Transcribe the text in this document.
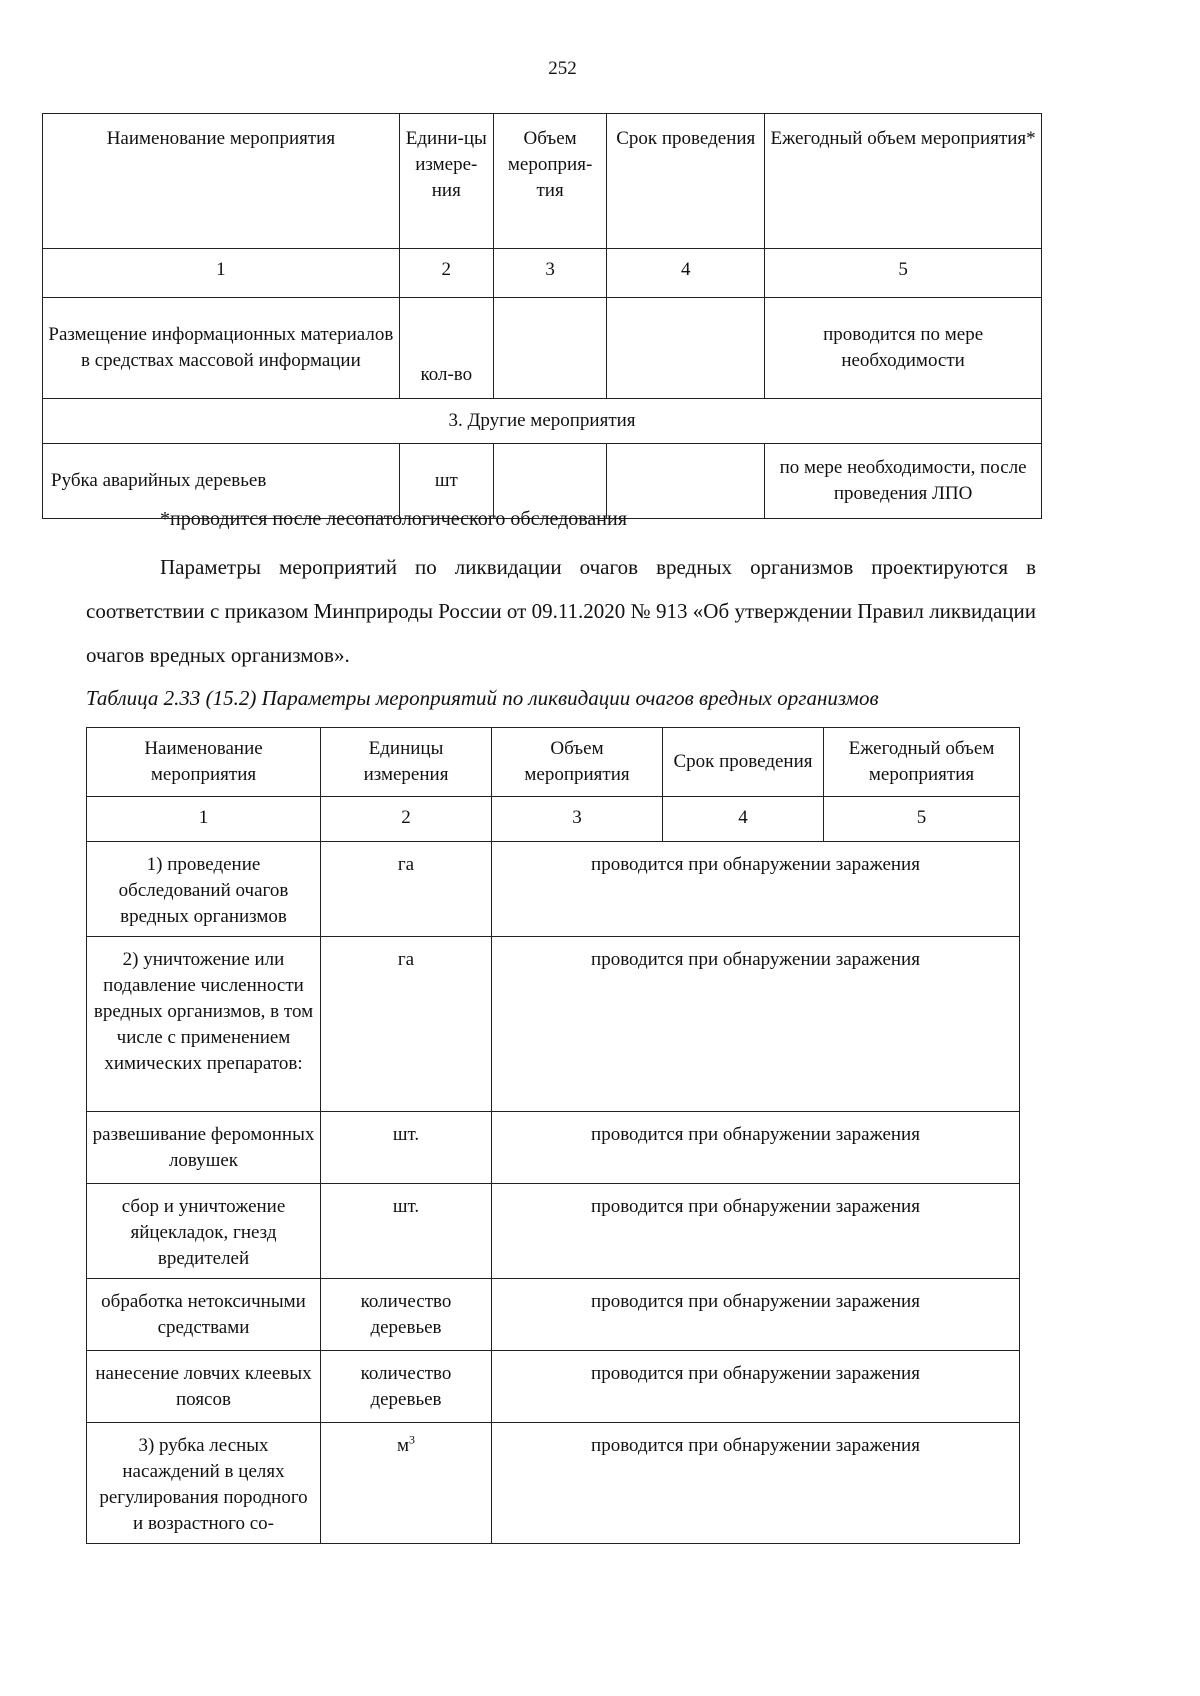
252
Наименование мероприятия	Едини-цы измере-ния	Объем мероприя-тия	Срок проведения	Ежегодный объем мероприятия*
1	2	3	4	5
Размещение информационных материалов в средствах массовой информации	кол-во			проводится по мере необходимости
3. Другие мероприятия				
Рубка аварийных деревьев	шт			по мере необходимости, после проведения ЛПО
*проводится после лесопатологического обследования

Параметры мероприятий по ликвидации очагов вредных организмов проектируются в соответствии с приказом Минприроды России от 09.11.2020 № 913 «Об утверждении Правил ликвидации очагов вредных организмов».

Таблица 2.33 (15.2) Параметры мероприятий по ликвидации очагов вредных организмов
Наименование мероприятия	Единицы измерения	Объем мероприятия	Срок проведения	Ежегодный объем мероприятия
1	2	3	4	5
1) проведение обследований очагов вредных организмов	га	проводится при обнаружении заражения		
2) уничтожение или подавление численности вредных организмов, в том числе с применением химических препаратов:	га	проводится при обнаружении заражения		
развешивание феромонных ловушек	шт.	проводится при обнаружении заражения		
сбор и уничтожение яйцекладок, гнезд вредителей	шт.	проводится при обнаружении заражения		
обработка нетоксичными средствами	количество деревьев	проводится при обнаружении заражения		
нанесение ловчих клеевых поясов	количество деревьев	проводится при обнаружении заражения		
3) рубка лесных насаждений в целях регулирования породного и возрастного со-	$м^3$	проводится при обнаружении заражения		
